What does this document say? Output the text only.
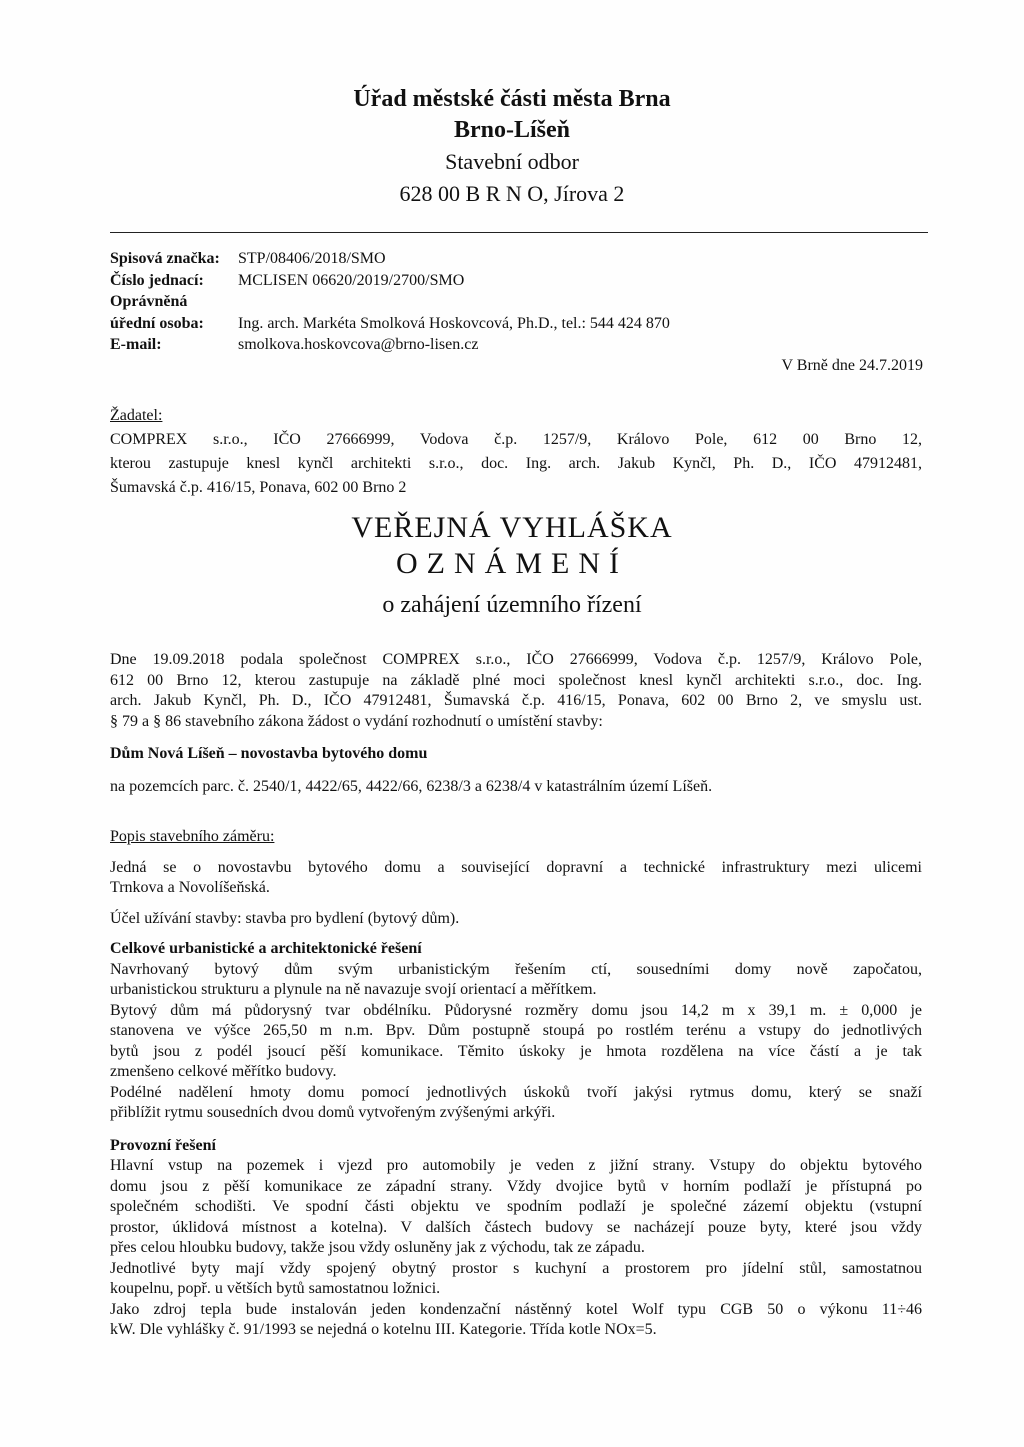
Úřad městské části města Brna
Brno-Líšeň
Stavební odbor
628 00 B R N O, Jírova 2
Spisová značka: STP/08406/2018/SMO
Číslo jednací: MCLISEN 06620/2019/2700/SMO
Oprávněná
úřední osoba: Ing. arch. Markéta Smolková Hoskovcová, Ph.D., tel.: 544 424 870
E-mail:	smolkova.hoskovcova@brno-lisen.cz
V Brně dne 24.7.2019
Žadatel:
COMPREX s.r.o., IČO 27666999, Vodova č.p. 1257/9, Královo Pole, 612 00 Brno 12,
kterou zastupuje knesl kynčl architekti s.r.o., doc. Ing. arch. Jakub Kynčl, Ph. D., IČO 47912481,
Šumavská č.p. 416/15, Ponava, 602 00 Brno 2
VEŘEJNÁ VYHLÁŠKA
OZNÁMENÍ
o zahájení územního řízení
Dne 19.09.2018 podala společnost COMPREX s.r.o., IČO 27666999, Vodova č.p. 1257/9, Královo Pole,
612 00 Brno 12, kterou zastupuje na základě plné moci společnost knesl kynčl architekti s.r.o., doc. Ing.
arch. Jakub Kynčl, Ph. D., IČO 47912481, Šumavská č.p. 416/15, Ponava, 602 00 Brno 2, ve smyslu ust.
§ 79 a § 86 stavebního zákona žádost o vydání rozhodnutí o umístění stavby:
Dům Nová Líšeň – novostavba bytového domu
na pozemcích parc. č. 2540/1, 4422/65, 4422/66, 6238/3 a 6238/4 v katastrálním území Líšeň.
Popis stavebního záměru:
Jedná se o novostavbu bytového domu a související dopravní a technické infrastruktury mezi ulicemi
Trnkova a Novolíšeňská.
Účel užívání stavby: stavba pro bydlení (bytový dům).
Celkové urbanistické a architektonické řešení
Navrhovaný bytový dům svým urbanistickým řešením ctí, sousedními domy nově započatou,
urbanistickou strukturu a plynule na ně navazuje svojí orientací a měřítkem.
Bytový dům má půdorysný tvar obdélníku. Půdorysné rozměry domu jsou 14,2 m x 39,1 m. ± 0,000 je
stanovena ve výšce 265,50 m n.m. Bpv. Dům postupně stoupá po rostlém terénu a vstupy do jednotlivých
bytů jsou z podél jsoucí pěší komunikace. Těmito úskoky je hmota rozdělena na více částí a je tak
zmenšeno celkové měřítko budovy.
Podélné nadělení hmoty domu pomocí jednotlivých úskoků tvoří jakýsi rytmus domu, který se snaží
přiblížit rytmu sousedních dvou domů vytvořeným zvýšenými arkýři.
Provozní řešení
Hlavní vstup na pozemek i vjezd pro automobily je veden z jižní strany. Vstupy do objektu bytového
domu jsou z pěší komunikace ze západní strany. Vždy dvojice bytů v horním podlaží je přístupná po
společném schodišti. Ve spodní části objektu ve spodním podlaží je společné zázemí objektu (vstupní
prostor, úklidová místnost a kotelna). V dalších částech budovy se nacházejí pouze byty, které jsou vždy
přes celou hloubku budovy, takže jsou vždy osluněny jak z východu, tak ze západu.
Jednotlivé byty mají vždy spojený obytný prostor s kuchyní a prostorem pro jídelní stůl, samostatnou
koupelnu, popř. u větších bytů samostatnou ložnici.
Jako zdroj tepla bude instalován jeden kondenzační nástěnný kotel Wolf typu CGB 50 o výkonu 11÷46
kW. Dle vyhlášky č. 91/1993 se nejedná o kotelnu III. Kategorie. Třída kotle NOx=5.
